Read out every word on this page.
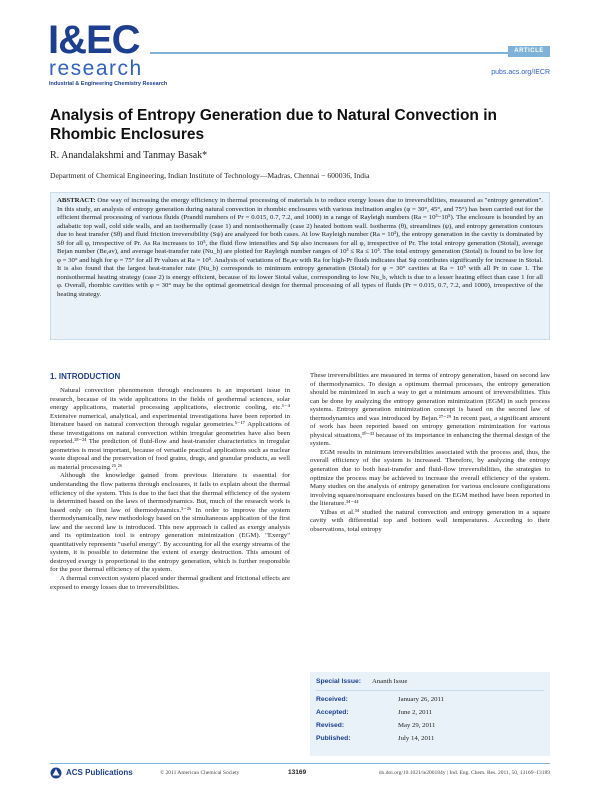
I&EC
research
Industrial & Engineering Chemistry Research
ARTICLE
pubs.acs.org/IECR
Analysis of Entropy Generation due to Natural Convection in Rhombic Enclosures
R. Anandalakshmi and Tanmay Basak*
Department of Chemical Engineering, Indian Institute of Technology—Madras, Chennai − 600036, India
ABSTRACT: One way of increasing the energy efficiency in thermal processing of materials is to reduce exergy losses due to irreversibilities, measured as "entropy generation". In this study, an analysis of entropy generation during natural convection in rhombic enclosures with various inclination angles (φ = 30°, 45°, and 75°) has been carried out for the efficient thermal processing of various fluids (Prandtl numbers of Pr = 0.015, 0.7, 7.2, and 1000) in a range of Rayleigh numbers (Ra = 10³−10⁵). The enclosure is bounded by an adiabatic top wall, cold side walls, and an isothermally (case 1) and nonisothermally (case 2) heated bottom wall. Isotherms (θ), streamlines (ψ), and entropy generation contours due to heat transfer (Sθ) and fluid friction irreversibility (Sψ) are analyzed for both cases. At low Rayleigh number (Ra = 10³), the entropy generation in the cavity is dominated by Sθ for all φ, irrespective of Pr. As Ra increases to 10⁵, the fluid flow intensifies and Sψ also increases for all φ, irrespective of Pr. The total entropy generation (Stotal), average Bejan number (Be,av), and average heat-transfer rate (Nu_b) are plotted for Rayleigh number ranges of 10³ ≤ Ra ≤ 10⁵. The total entropy generation (Stotal) is found to be low for φ = 30° and high for φ = 75° for all Pr values at Ra = 10⁵. Analysis of variations of Be,av with Ra for high-Pr fluids indicates that Sψ contributes significantly for increase in Stotal. It is also found that the largest heat-transfer rate (Nu_b) corresponds to minimum entropy generation (Stotal) for φ = 30° cavities at Ra = 10⁵ with all Pr in case 1. The nonisothermal heating strategy (case 2) is energy efficient, because of its lower Stotal value, corresponding to low Nu_b, which is due to a lesser heating effect than case 1 for all φ. Overall, rhombic cavities with φ = 30° may be the optimal geometrical design for thermal processing of all types of fluids (Pr = 0.015, 0.7, 7.2, and 1000), irrespective of the heating strategy.
1. INTRODUCTION

Natural convection phenomenon through enclosures is an important issue in research, because of its wide applications in the fields of geothermal sciences, solar energy applications, material processing applications, electronic cooling, etc.¹⁻⁴ Extensive numerical, analytical, and experimental investigations have been reported in literature based on natural convection through regular geometries.⁵⁻¹⁷ Applications of these investigations on natural convection within irregular geometries have also been reported.¹⁸⁻²⁴ The prediction of fluid-flow and heat-transfer characteristics in irregular geometries is most important, because of versatile practical applications such as nuclear waste disposal and the preservation of food grains, drugs, and granular products, as well as material processing.²⁵,²⁶

Although the knowledge gained from previous literature is essential for understanding the flow patterns through enclosures, it fails to explain about the thermal efficiency of the system. This is due to the fact that the thermal efficiency of the system is determined based on the laws of thermodynamics. But, much of the research work is based only on first law of thermodynamics.⁵⁻²⁶ In order to improve the system thermodynamically, new methodology based on the simultaneous application of the first law and the second law is introduced. This new approach is called as exergy analysis and its optimization tool is entropy generation minimization (EGM). "Exergy" quantitatively represents "useful energy". By accounting for all the exergy streams of the system, it is possible to determine the extent of exergy destruction. This amount of destroyed exergy is proportional to the entropy generation, which is further responsible for the poor thermal efficiency of the system.

A thermal convection system placed under thermal gradient and frictional effects are exposed to energy losses due to irreversibilities.

These irreversibilities are measured in terms of entropy generation, based on second law of thermodynamics. To design a optimum thermal processes, the entropy generation should be minimized in such a way to get a minimum amount of irreversibilities. This can be done by analyzing the entropy generation minimization (EGM) in such process systems. Entropy generation minimization concept is based on the second law of thermodynamics and was introduced by Bejan.²⁷⁻²⁹ In recent past, a significant amount of work has been reported based on entropy generation minimization for various physical situations,³⁰⁻³³ because of its importance in enhancing the thermal design of the system.

EGM results in minimum irreversibilities associated with the process and, thus, the overall efficiency of the system is increased. Therefore, by analyzing the entropy generation due to both heat-transfer and fluid-flow irreversibilities, the strategies to optimize the process may be achieved to increase the overall efficiency of the system. Many studies on the analysis of entropy generation for various enclosure configurations involving square/nonsquare enclosures based on the EGM method have been reported in the literature.³⁴⁻⁴⁴

Yilbas et al.³⁴ studied the natural convection and entropy generation in a square cavity with differential top and bottom wall temperatures. According to their observations, total entropy

Special Issue: Ananth Issue
Received:	January 26, 2011
Accepted:	June 2, 2011
Revised:	May 29, 2011
Published:	July 14, 2011
ACS Publications	© 2011 American Chemical Society	13169	dx.doi.org/10.1021/ie200184y | Ind. Eng. Chem. Res. 2011, 50, 13169–13189
